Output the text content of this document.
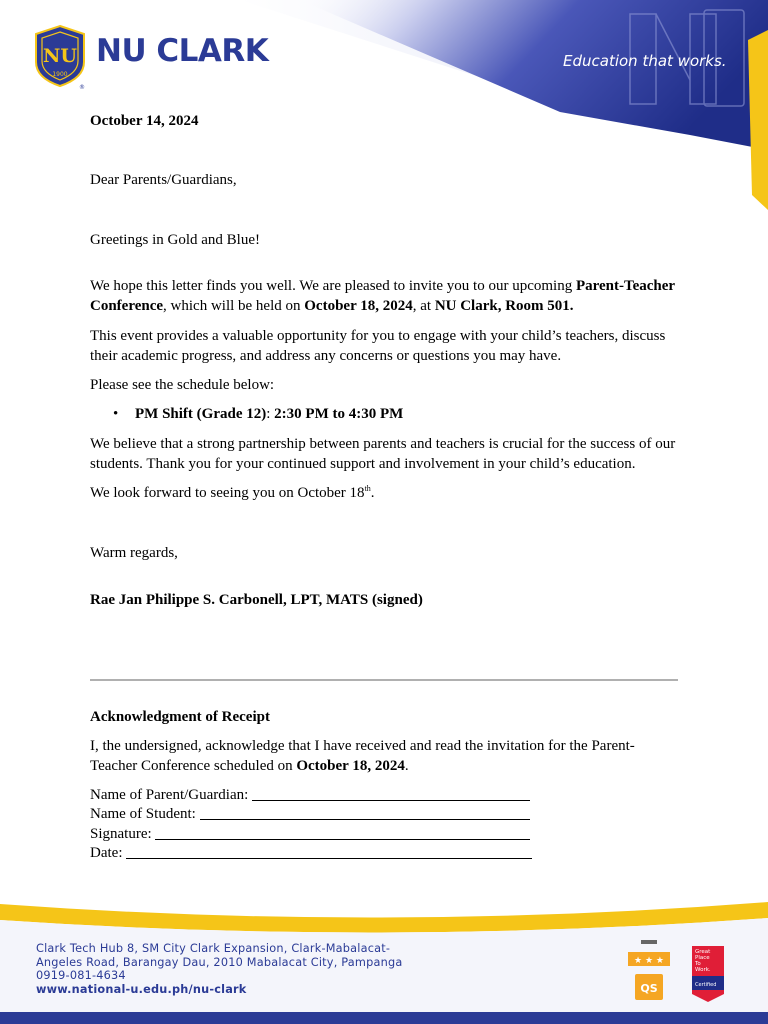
NU
1900
NU CLARK
®
Education that works.
October 14, 2024
Dear Parents/Guardians,
Greetings in Gold and Blue!
We hope this letter finds you well. We are pleased to invite you to our upcoming Parent-Teacher Conference, which will be held on October 18, 2024, at NU Clark, Room 501.
This event provides a valuable opportunity for you to engage with your child’s teachers, discuss their academic progress, and address any concerns or questions you may have.
Please see the schedule below:
• PM Shift (Grade 12): 2:30 PM to 4:30 PM
We believe that a strong partnership between parents and teachers is crucial for the success of our students. Thank you for your continued support and involvement in your child’s education.
We look forward to seeing you on October 18th.
Warm regards,
Rae Jan Philippe S. Carbonell, LPT, MATS (signed)
Acknowledgment of Receipt
I, the undersigned, acknowledge that I have received and read the invitation for the Parent-Teacher Conference scheduled on October 18, 2024.
Name of Parent/Guardian:
Name of Student:
Signature:
Date:
Clark Tech Hub 8, SM City Clark Expansion, Clark-Mabalacat-
Angeles Road, Barangay Dau, 2010 Mabalacat City, Pampanga
0919-081-4634
www.national-u.edu.ph/nu-clark
★ ★ ★
QS
Great
Place
To
Work.
Certified
